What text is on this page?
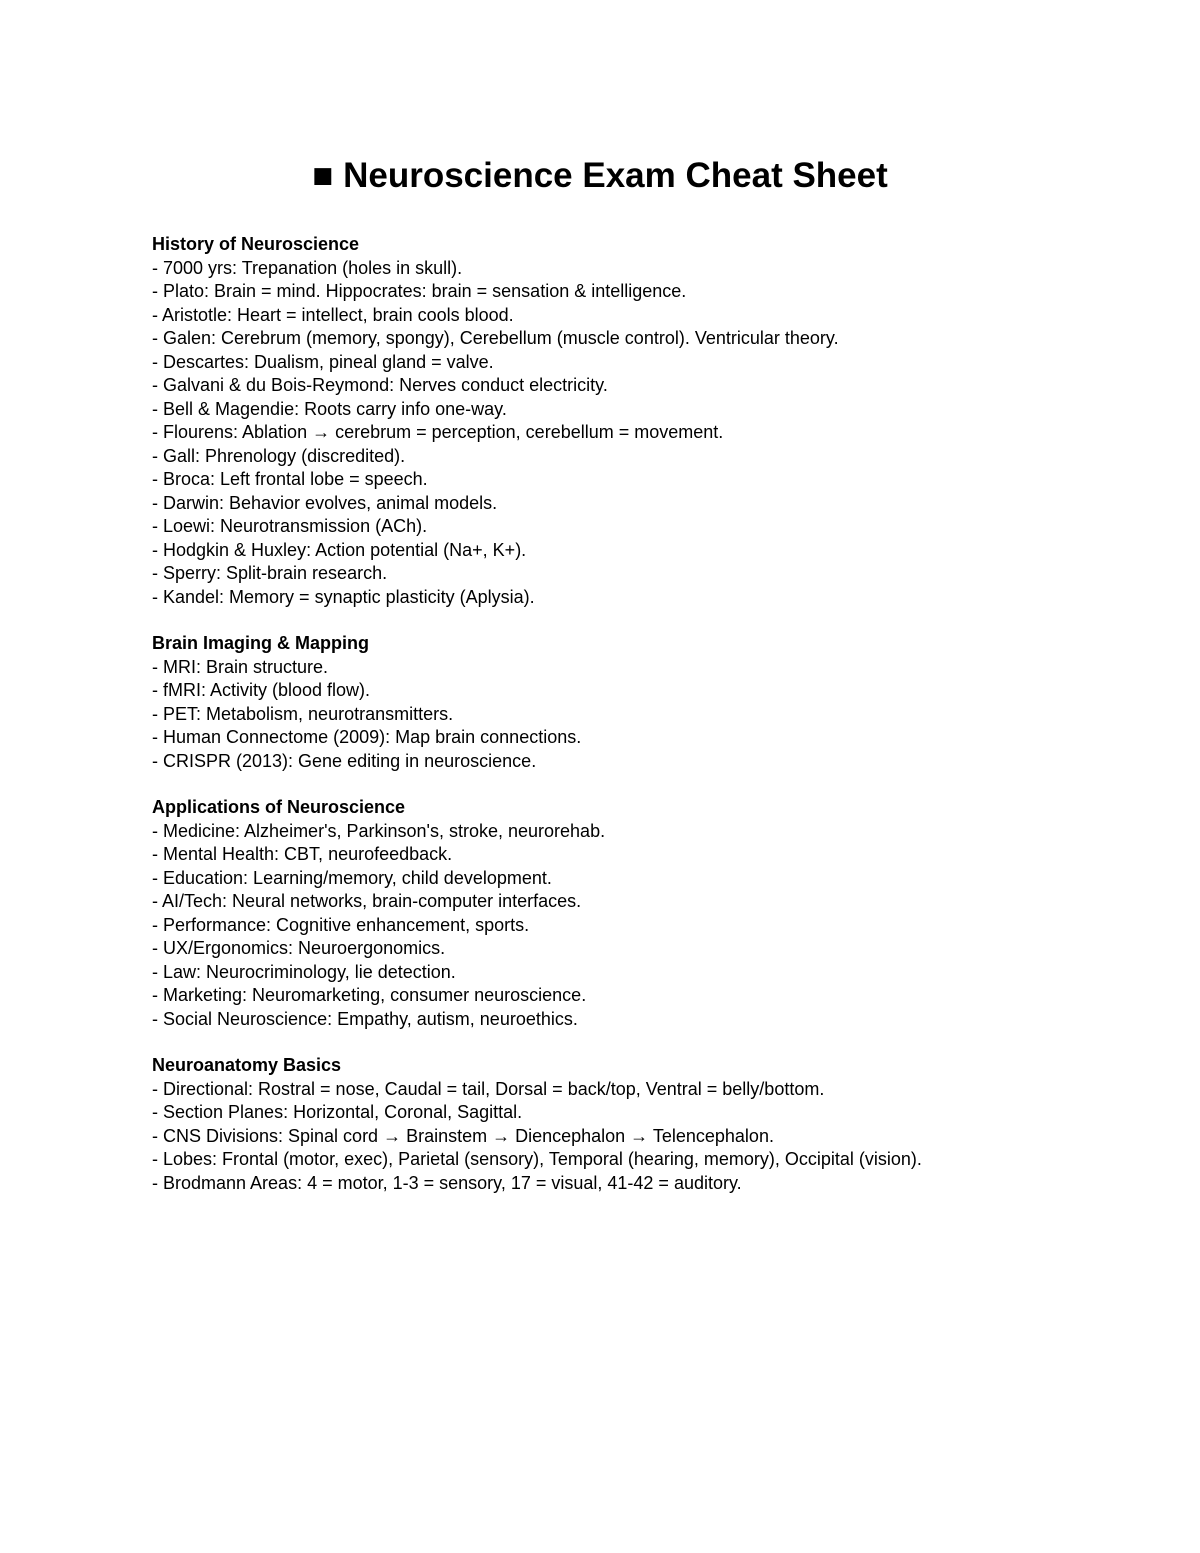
■ Neuroscience Exam Cheat Sheet
History of Neuroscience
- 7000 yrs: Trepanation (holes in skull).
- Plato: Brain = mind. Hippocrates: brain = sensation & intelligence.
- Aristotle: Heart = intellect, brain cools blood.
- Galen: Cerebrum (memory, spongy), Cerebellum (muscle control). Ventricular theory.
- Descartes: Dualism, pineal gland = valve.
- Galvani & du Bois-Reymond: Nerves conduct electricity.
- Bell & Magendie: Roots carry info one-way.
- Flourens: Ablation → cerebrum = perception, cerebellum = movement.
- Gall: Phrenology (discredited).
- Broca: Left frontal lobe = speech.
- Darwin: Behavior evolves, animal models.
- Loewi: Neurotransmission (ACh).
- Hodgkin & Huxley: Action potential (Na+, K+).
- Sperry: Split-brain research.
- Kandel: Memory = synaptic plasticity (Aplysia).
Brain Imaging & Mapping
- MRI: Brain structure.
- fMRI: Activity (blood flow).
- PET: Metabolism, neurotransmitters.
- Human Connectome (2009): Map brain connections.
- CRISPR (2013): Gene editing in neuroscience.
Applications of Neuroscience
- Medicine: Alzheimer's, Parkinson's, stroke, neurorehab.
- Mental Health: CBT, neurofeedback.
- Education: Learning/memory, child development.
- AI/Tech: Neural networks, brain-computer interfaces.
- Performance: Cognitive enhancement, sports.
- UX/Ergonomics: Neuroergonomics.
- Law: Neurocriminology, lie detection.
- Marketing: Neuromarketing, consumer neuroscience.
- Social Neuroscience: Empathy, autism, neuroethics.
Neuroanatomy Basics
- Directional: Rostral = nose, Caudal = tail, Dorsal = back/top, Ventral = belly/bottom.
- Section Planes: Horizontal, Coronal, Sagittal.
- CNS Divisions: Spinal cord → Brainstem → Diencephalon → Telencephalon.
- Lobes: Frontal (motor, exec), Parietal (sensory), Temporal (hearing, memory), Occipital (vision).
- Brodmann Areas: 4 = motor, 1-3 = sensory, 17 = visual, 41-42 = auditory.
